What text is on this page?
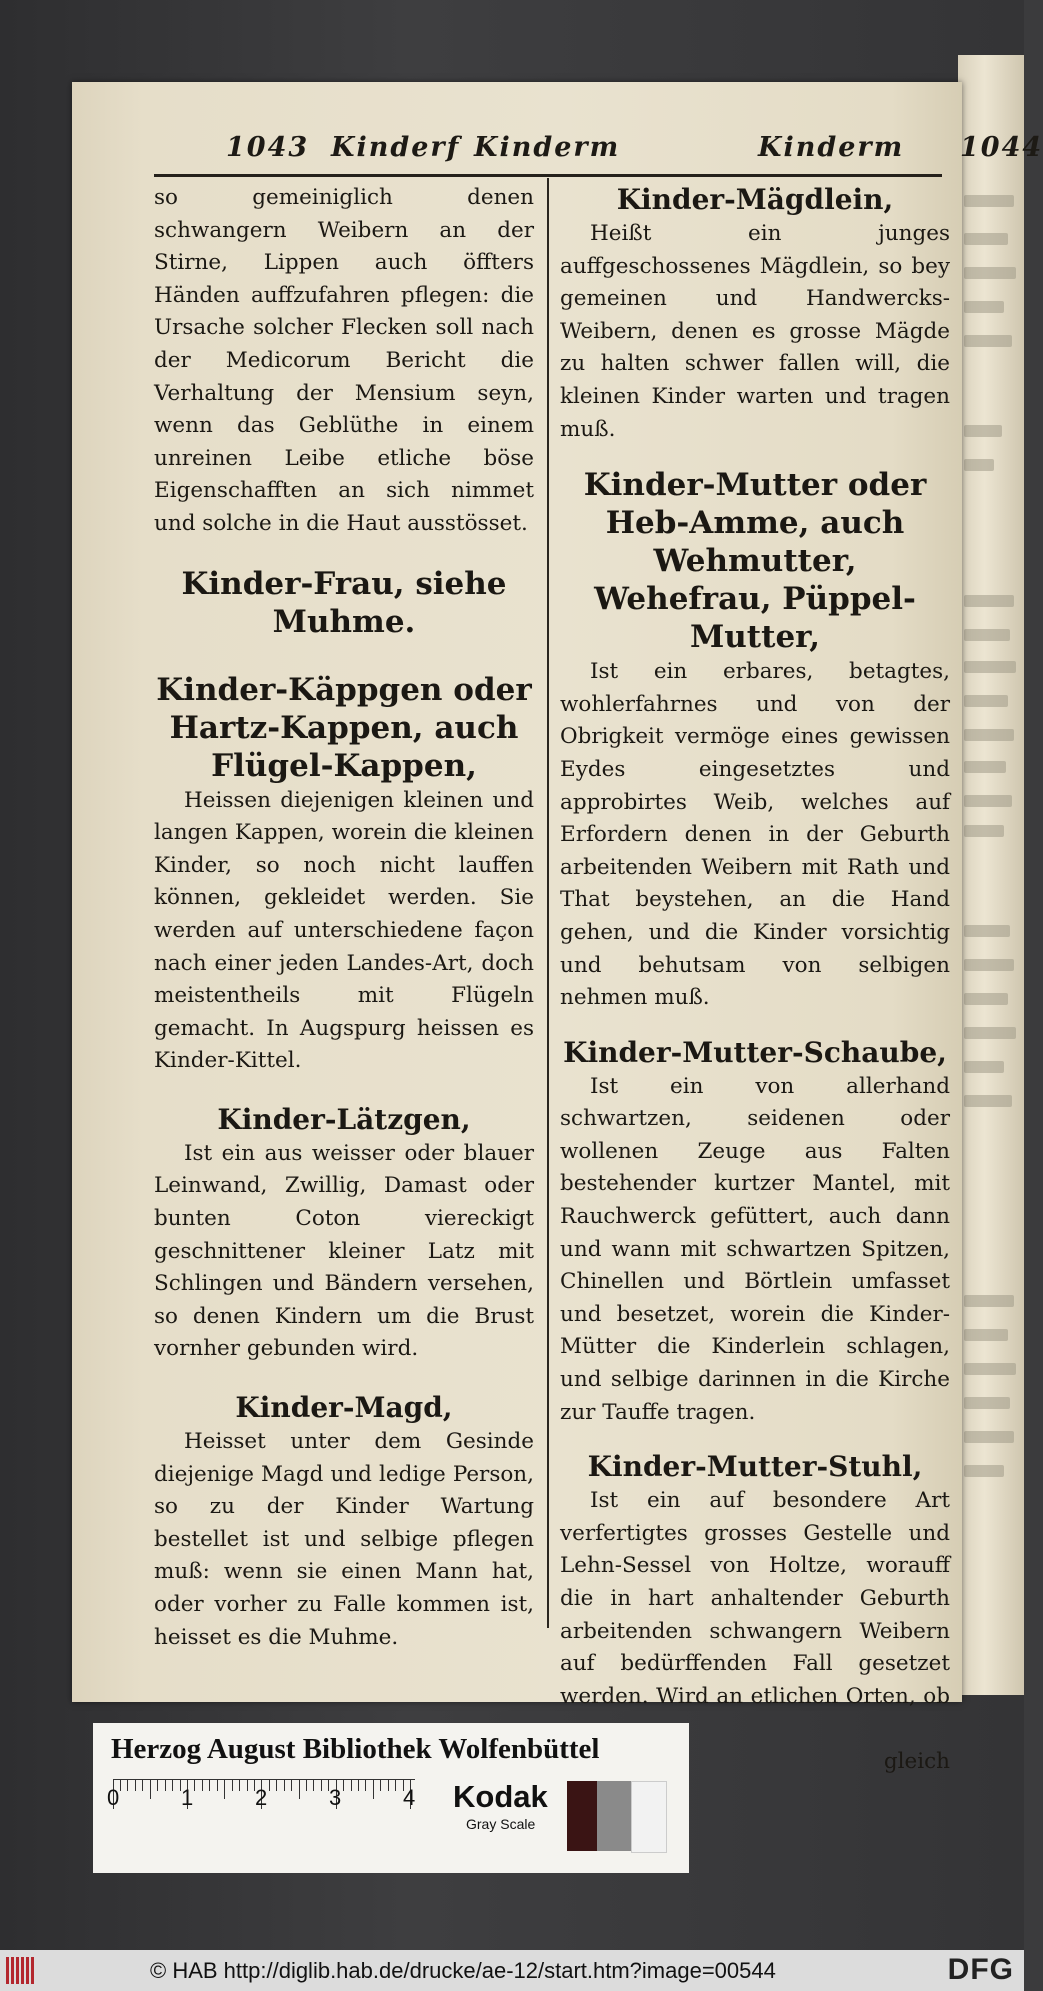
1043 Kinderf Kinderm	Kinderm 1044

so gemeiniglich denen schwangern Weibern an der Stirne, Lippen auch öffters Händen auffzufahren pflegen: die Ursache solcher Flecken soll nach der Medicorum Bericht die Verhaltung der Mensium seyn, wenn das Geblüthe in einem unreinen Leibe etliche böse Eigenschafften an sich nimmet und solche in die Haut ausstösset.

Kinder-Frau, siehe Muhme.

Kinder-Käppgen oder Hartz-Kappen, auch Flügel-Kappen,

Heissen diejenigen kleinen und langen Kappen, worein die kleinen Kinder, so noch nicht lauffen können, gekleidet werden. Sie werden auf unterschiedene façon nach einer jeden Landes-Art, doch meistentheils mit Flügeln gemacht. In Augspurg heissen es Kinder-Kittel.

Kinder-Lätzgen,

Ist ein aus weisser oder blauer Leinwand, Zwillig, Damast oder bunten Coton viereckigt geschnittener kleiner Latz mit Schlingen und Bändern versehen, so denen Kindern um die Brust vornher gebunden wird.

Kinder-Magd,

Heisset unter dem Gesinde diejenige Magd und ledige Person, so zu der Kinder Wartung bestellet ist und selbige pflegen muß: wenn sie einen Mann hat, oder vorher zu Falle kommen ist, heisset es die Muhme.

Kinder-Mägdlein,

Heißt ein junges auffgeschossenes Mägdlein, so bey gemeinen und Handwercks-Weibern, denen es grosse Mägde zu halten schwer fallen will, die kleinen Kinder warten und tragen muß.

Kinder-Mutter oder Heb-Amme, auch Wehmutter, Wehefrau, Püppel-Mutter,

Ist ein erbares, betagtes, wohlerfahrnes und von der Obrigkeit vermöge eines gewissen Eydes eingesetztes und approbirtes Weib, welches auf Erfordern denen in der Geburth arbeitenden Weibern mit Rath und That beystehen, an die Hand gehen, und die Kinder vorsichtig und behutsam von selbigen nehmen muß.

Kinder-Mutter-Schaube,

Ist ein von allerhand schwartzen, seidenen oder wollenen Zeuge aus Falten bestehender kurtzer Mantel, mit Rauchwerck gefüttert, auch dann und wann mit schwartzen Spitzen, Chinellen und Börtlein umfasset und besetzet, worein die Kinder-Mütter die Kinderlein schlagen, und selbige darinnen in die Kirche zur Tauffe tragen.

Kinder-Mutter-Stuhl,

Ist ein auf besondere Art verfertigtes grosses Gestelle und Lehn-Sessel von Holtze, worauff die in hart anhaltender Geburth arbeitenden schwangern Weibern auf bedürffenden Fall gesetzet werden. Wird an etlichen Orten, ob

gleich

Herzog August Bibliothek Wolfenbüttel
0	1	2	3	4 Kodak
Gray Scale
© HAB http://diglib.hab.de/drucke/ae-12/start.htm?image=00544	DFG
